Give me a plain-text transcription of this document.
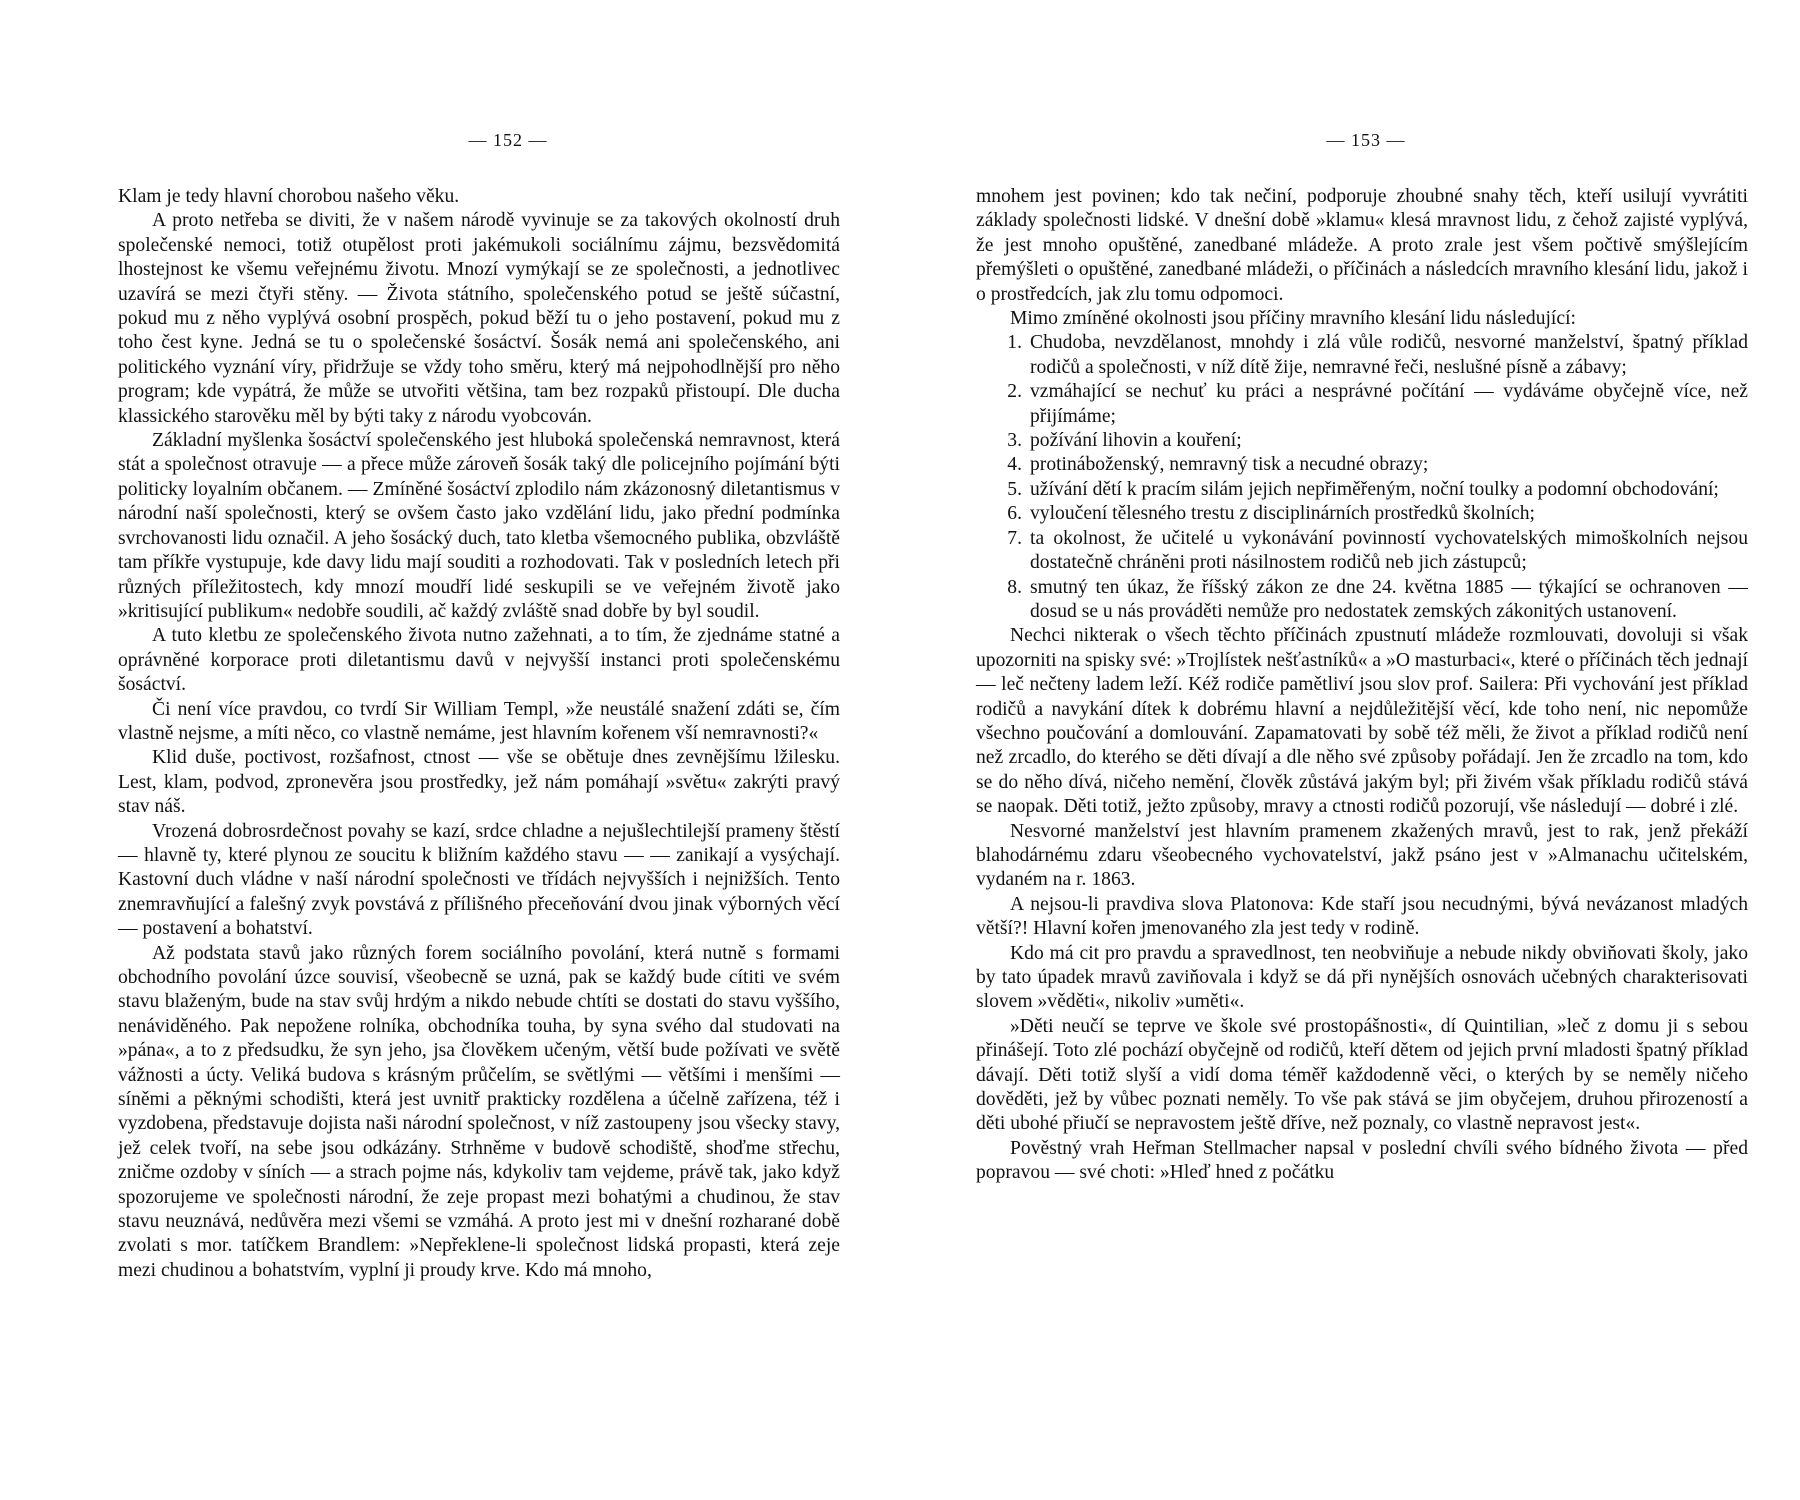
— 152 —

Klam je tedy hlavní chorobou našeho věku.

A proto netřeba se diviti, že v našem národě vyvinuje se za takových okolností druh společenské nemoci, totiž otupělost proti jakémukoli sociálnímu zájmu, bezsvědomitá lhostejnost ke všemu veřejnému životu. Mnozí vymýkají se ze společnosti, a jednotlivec uzavírá se mezi čtyři stěny. — Života státního, společenského potud se ještě súčastní, pokud mu z něho vyplývá osobní prospěch, pokud běží tu o jeho postavení, pokud mu z toho čest kyne. Jedná se tu o společenské šosáctví. Šosák nemá ani společenského, ani politického vyznání víry, přidržuje se vždy toho směru, který má nejpohodlnější pro něho program; kde vypátrá, že může se utvořiti většina, tam bez rozpaků přistoupí. Dle ducha klassického starověku měl by býti taky z národu vyobcován.

Základní myšlenka šosáctví společenského jest hluboká společenská nemravnost, která stát a společnost otravuje — a přece může zároveň šosák taký dle policejního pojímání býti politicky loyalním občanem. — Zmíněné šosáctví zplodilo nám zkázonosný diletantismus v národní naší společnosti, který se ovšem často jako vzdělání lidu, jako přední podmínka svrchovanosti lidu označil. A jeho šosácký duch, tato kletba všemocného publika, obzvláště tam příkře vystupuje, kde davy lidu mají souditi a rozhodovati. Tak v posledních letech při různých příležitostech, kdy mnozí moudří lidé seskupili se ve veřejném životě jako »kritisující publikum« nedobře soudili, ač každý zvláště snad dobře by byl soudil.

A tuto kletbu ze společenského života nutno zažehnati, a to tím, že zjednáme statné a oprávněné korporace proti diletantismu davů v nejvyšší instanci proti společenskému šosáctví.

Či není více pravdou, co tvrdí Sir William Templ, »že neustálé snažení zdáti se, čím vlastně nejsme, a míti něco, co vlastně nemáme, jest hlavním kořenem vší nemravnosti?«

Klid duše, poctivost, rozšafnost, ctnost — vše se obětuje dnes zevnějšímu lžilesku. Lest, klam, podvod, zpronevěra jsou prostředky, jež nám pomáhají »světu« zakrýti pravý stav náš.

Vrozená dobrosrdečnost povahy se kazí, srdce chladne a nejušlechtilejší prameny štěstí — hlavně ty, které plynou ze soucitu k bližním každého stavu — — zanikají a vysýchají. Kastovní duch vládne v naší národní společnosti ve třídách nejvyšších i nejnižších. Tento znemravňující a falešný zvyk povstává z přílišného přeceňování dvou jinak výborných věcí — postavení a bohatství.

Až podstata stavů jako různých forem sociálního povolání, která nutně s formami obchodního povolání úzce souvisí, všeobecně se uzná, pak se každý bude cítiti ve svém stavu blaženým, bude na stav svůj hrdým a nikdo nebude chtíti se dostati do stavu vyššího, nenáviděného. Pak nepožene rolníka, obchodníka touha, by syna svého dal studovati na »pána«, a to z předsudku, že syn jeho, jsa člověkem učeným, větší bude požívati ve světě vážnosti a úcty. Veliká budova s krásným průčelím, se světlými — většími i menšími — síněmi a pěknými schodišti, která jest uvnitř prakticky rozdělena a účelně zařízena, též i vyzdobena, představuje dojista naši národní společnost, v níž zastoupeny jsou všecky stavy, jež celek tvoří, na sebe jsou odkázány. Strhněme v budově schodiště, shoďme střechu, zničme ozdoby v síních — a strach pojme nás, kdykoliv tam vejdeme, právě tak, jako když spozorujeme ve společnosti národní, že zeje propast mezi bohatými a chudinou, že stav stavu neuznává, nedůvěra mezi všemi se vzmáhá. A proto jest mi v dnešní rozharané době zvolati s mor. tatíčkem Brandlem: »Nepřeklene-li společnost lidská propasti, která zeje mezi chudinou a bohatstvím, vyplní ji proudy krve. Kdo má mnoho,

— 153 —

mnohem jest povinen; kdo tak nečiní, podporuje zhoubné snahy těch, kteří usilují vyvrátiti základy společnosti lidské. V dnešní době »klamu« klesá mravnost lidu, z čehož zajisté vyplývá, že jest mnoho opuštěné, zanedbané mládeže. A proto zrale jest všem počtivě smýšlejícím přemýšleti o opuštěné, zanedbané mládeži, o příčinách a následcích mravního klesání lidu, jakož i o prostředcích, jak zlu tomu odpomoci.

Mimo zmíněné okolnosti jsou příčiny mravního klesání lidu následující:

1. Chudoba, nevzdělanost, mnohdy i zlá vůle rodičů, nesvorné manželství, špatný příklad rodičů a společnosti, v níž dítě žije, nemravné řeči, neslušné písně a zábavy;
2. vzmáhající se nechuť ku práci a nesprávné počítání — vydáváme obyčejně více, než přijímáme;
3. požívání lihovin a kouření;
4. protináboženský, nemravný tisk a necudné obrazy;
5. užívání dětí k pracím silám jejich nepřiměřeným, noční toulky a podomní obchodování;
6. vyloučení tělesného trestu z disciplinárních prostředků školních;
7. ta okolnost, že učitelé u vykonávání povinností vychovatelských mimoškolních nejsou dostatečně chráněni proti násilnostem rodičů neb jich zástupců;
8. smutný ten úkaz, že říšský zákon ze dne 24. května 1885 — týkající se ochranoven — dosud se u nás prováděti nemůže pro nedostatek zemských zákonitých ustanovení.

Nechci nikterak o všech těchto příčinách zpustnutí mládeže rozmlouvati, dovoluji si však upozorniti na spisky své: »Trojlístek nešťastníků« a »O masturbaci«, které o příčinách těch jednají — leč nečteny ladem leží. Kéž rodiče pamětliví jsou slov prof. Sailera: Při vychování jest příklad rodičů a navykání dítek k dobrému hlavní a nejdůležitější věcí, kde toho není, nic nepomůže všechno poučování a domlouvání. Zapamatovati by sobě též měli, že život a příklad rodičů není než zrcadlo, do kterého se děti dívají a dle něho své způsoby pořádají. Jen že zrcadlo na tom, kdo se do něho dívá, ničeho nemění, člověk zůstává jakým byl; při živém však příkladu rodičů stává se naopak. Děti totiž, ježto způsoby, mravy a ctnosti rodičů pozorují, vše následují — dobré i zlé.

Nesvorné manželství jest hlavním pramenem zkažených mravů, jest to rak, jenž překáží blahodárnému zdaru všeobecného vychovatelství, jakž psáno jest v »Almanachu učitelském, vydaném na r. 1863.

A nejsou-li pravdiva slova Platonova: Kde staří jsou necudnými, bývá nevázanost mladých větší?! Hlavní kořen jmenovaného zla jest tedy v rodině.

Kdo má cit pro pravdu a spravedlnost, ten neobviňuje a nebude nikdy obviňovati školy, jako by tato úpadek mravů zaviňovala i když se dá při nynějších osnovách učebných charakterisovati slovem »věděti«, nikoliv »uměti«.

»Děti neučí se teprve ve škole své prostopášnosti«, dí Quintilian, »leč z domu ji s sebou přinášejí. Toto zlé pochází obyčejně od rodičů, kteří dětem od jejich první mladosti špatný příklad dávají. Děti totiž slyší a vidí doma téměř každodenně věci, o kterých by se neměly ničeho dověděti, jež by vůbec poznati neměly. To vše pak stává se jim obyčejem, druhou přirozeností a děti ubohé přiučí se nepravostem ještě dříve, než poznaly, co vlastně nepravost jest«.

Pověstný vrah Heřman Stellmacher napsal v poslední chvíli svého bídného života — před popravou — své choti: »Hleď hned z počátku
